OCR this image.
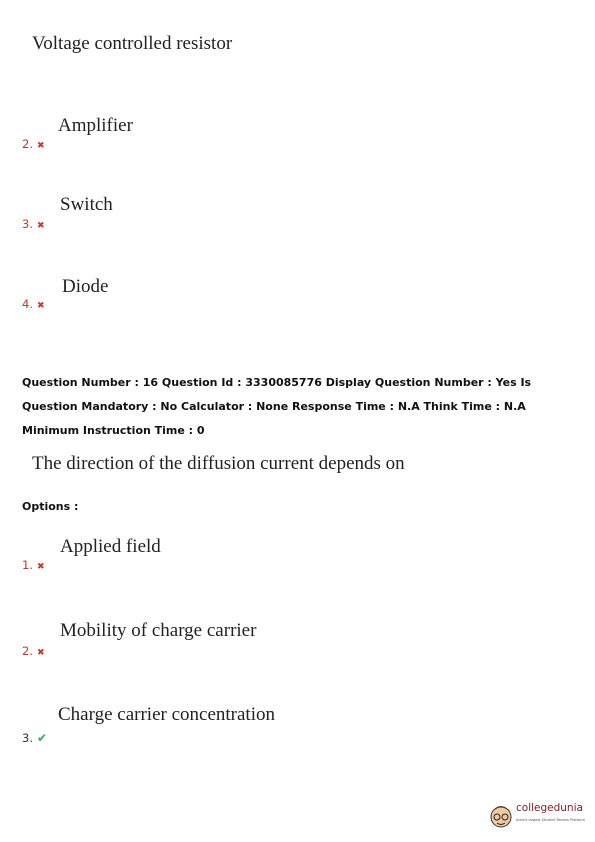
Voltage controlled resistor
Amplifier
2. ✖
Switch
3. ✖
Diode
4. ✖
Question Number : 16 Question Id : 3330085776 Display Question Number : Yes Is Question Mandatory : No Calculator : None Response Time : N.A Think Time : N.A Minimum Instruction Time : 0
The direction of the diffusion current depends on
Options :
Applied field
1. ✖
Mobility of charge carrier
2. ✖
Charge carrier concentration
3. ✔
collegedunia
India's largest Student Review Platform
